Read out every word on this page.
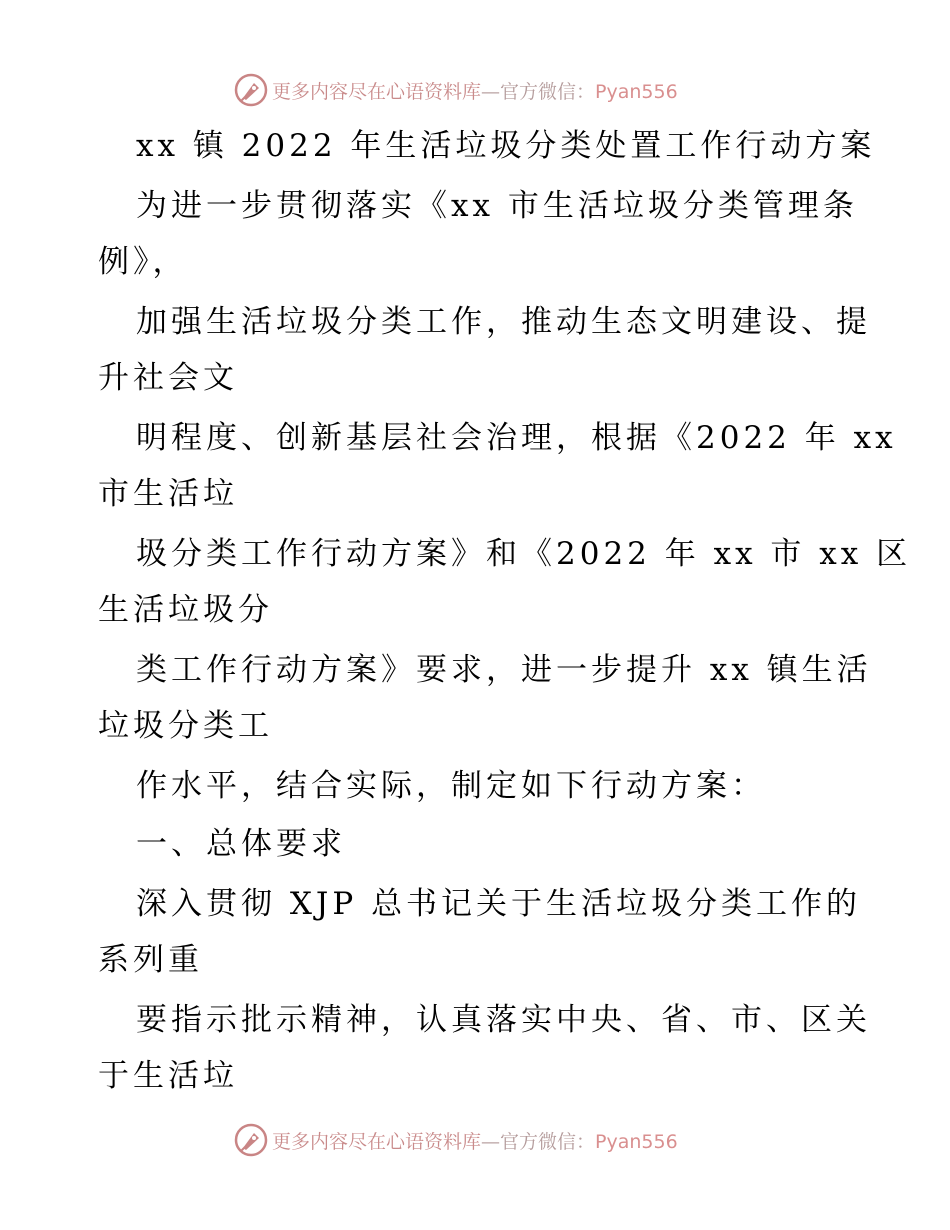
更多内容尽在心语资料库—官方微信：Pyan556
xx 镇 2022 年生活垃圾分类处置工作行动方案
为进一步贯彻落实《xx 市生活垃圾分类管理条
例》，
加强生活垃圾分类工作，推动生态文明建设、提
升社会文
明程度、创新基层社会治理，根据《2022 年 xx
市生活垃
圾分类工作行动方案》和《2022 年 xx 市 xx 区
生活垃圾分
类工作行动方案》要求，进一步提升 xx 镇生活
垃圾分类工
作水平，结合实际，制定如下行动方案：
一、总体要求
深入贯彻 XJP 总书记关于生活垃圾分类工作的
系列重
要指示批示精神，认真落实中央、省、市、区关
于生活垃
更多内容尽在心语资料库—官方微信：Pyan556
